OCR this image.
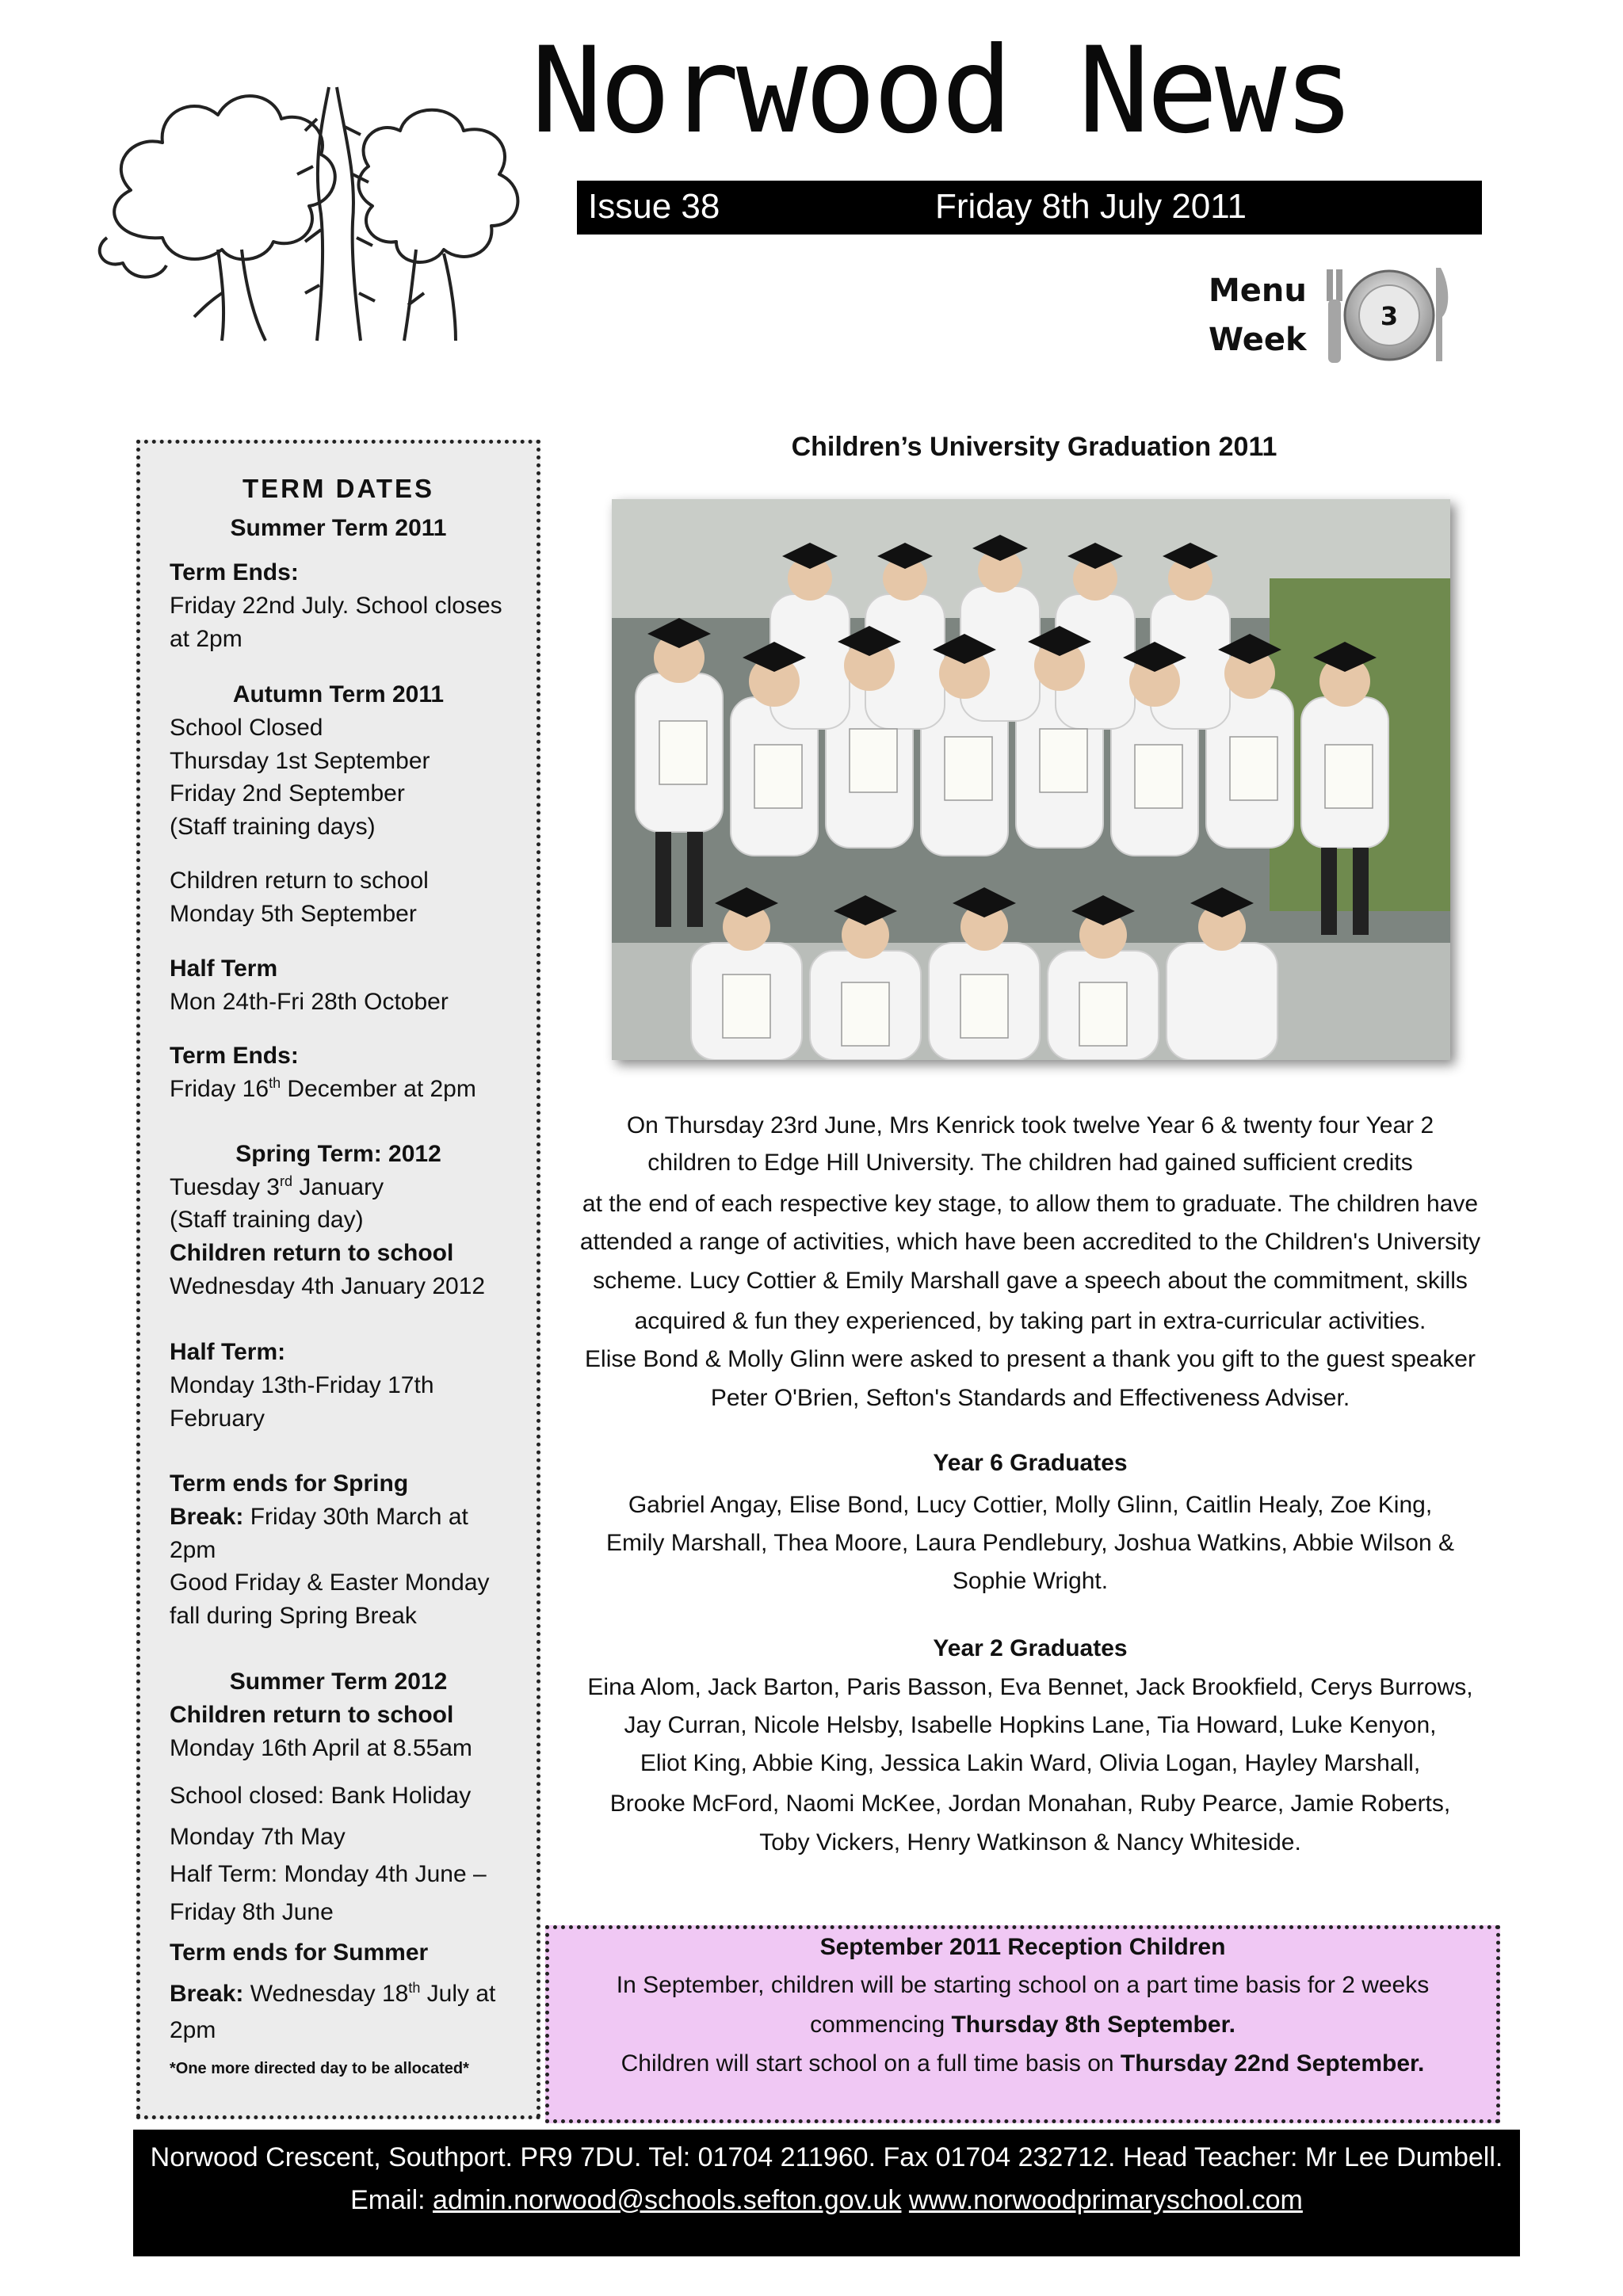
Norwood News
Issue 38	Friday 8th July 2011
Menu
Week
3
TERM DATES
Summer Term 2011
Term Ends:
Friday 22nd July. School closes
at 2pm
Autumn Term 2011
School Closed
Thursday 1st September
Friday 2nd September
(Staff training days)
Children return to school
Monday 5th September
Half Term
Mon 24th-Fri 28th October
Term Ends:
Friday 16th December at 2pm
Spring Term: 2012
Tuesday 3rd January
(Staff training day)
Children return to school
Wednesday 4th January 2012
Half Term:
Monday 13th-Friday 17th
February
Term ends for Spring
Break: Friday 30th March at
2pm
Good Friday & Easter Monday
fall during Spring Break
Summer Term 2012
Children return to school
Monday 16th April at 8.55am
School closed: Bank Holiday
Monday 7th May
Half Term: Monday 4th June –
Friday 8th June
Term ends for Summer
Break: Wednesday 18th July at
2pm
*One more directed day to be allocated*
Children’s University Graduation 2011
On Thursday 23rd June, Mrs Kenrick took twelve Year 6 & twenty four Year 2
children to Edge Hill University. The children had gained sufficient credits
at the end of each respective key stage, to allow them to graduate. The children have
attended a range of activities, which have been accredited to the Children's University
scheme. Lucy Cottier & Emily Marshall gave a speech about the commitment, skills
acquired & fun they experienced, by taking part in extra-curricular activities.
Elise Bond & Molly Glinn were asked to present a thank you gift to the guest speaker
Peter O'Brien, Sefton's Standards and Effectiveness Adviser.
Year 6 Graduates
Gabriel Angay, Elise Bond, Lucy Cottier, Molly Glinn, Caitlin Healy, Zoe King,
Emily Marshall, Thea Moore, Laura Pendlebury, Joshua Watkins, Abbie Wilson &
Sophie Wright.
Year 2 Graduates
Eina Alom, Jack Barton, Paris Basson, Eva Bennet, Jack Brookfield, Cerys Burrows,
Jay Curran, Nicole Helsby, Isabelle Hopkins Lane, Tia Howard, Luke Kenyon,
Eliot King, Abbie King, Jessica Lakin Ward, Olivia Logan, Hayley Marshall,
Brooke McFord, Naomi McKee, Jordan Monahan, Ruby Pearce, Jamie Roberts,
Toby Vickers, Henry Watkinson & Nancy Whiteside.
September 2011 Reception Children
In September, children will be starting school on a part time basis for 2 weeks
commencing Thursday 8th September.
Children will start school on a full time basis on Thursday 22nd September.
Norwood Crescent, Southport. PR9 7DU. Tel: 01704 211960. Fax 01704 232712. Head Teacher: Mr Lee Dumbell.
Email: admin.norwood@schools.sefton.gov.uk www.norwoodprimaryschool.com
